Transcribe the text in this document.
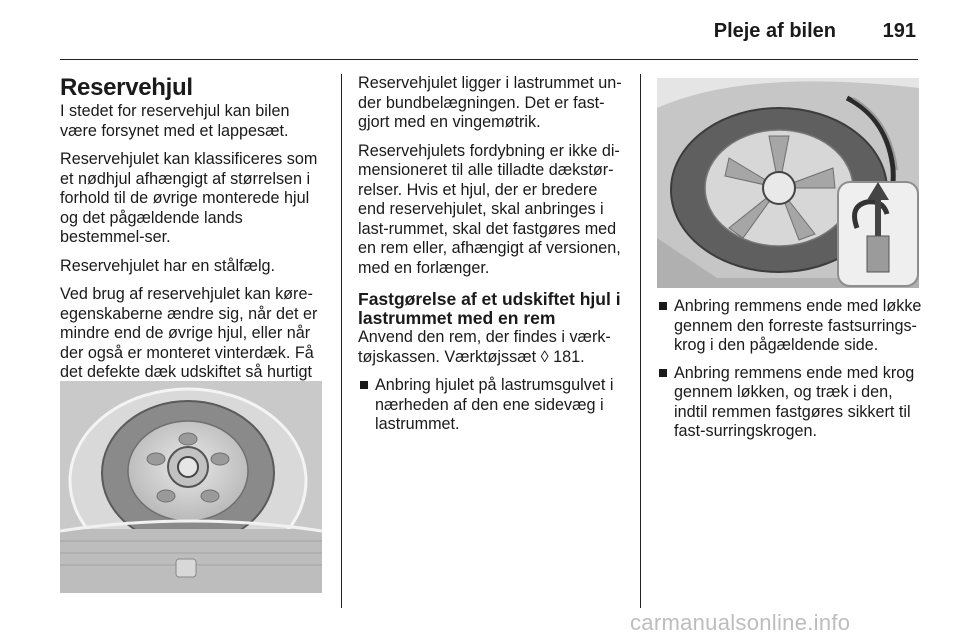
Pleje af bilen 191
Reservehjul

I stedet for reservehjul kan bilen være forsynet med et lappesæt.

Reservehjulet kan klassificeres som et nødhjul afhængigt af størrelsen i forhold til de øvrige monterede hjul og det pågældende lands bestemmel-ser.

Reservehjulet har en stålfælg.

Ved brug af reservehjulet kan køre-egenskaberne ændre sig, når det er mindre end de øvrige hjul, eller når der også er monteret vinterdæk. Få det defekte dæk udskiftet så hurtigt

Reservehjulet ligger i lastrummet un-der bundbelægningen. Det er fast-gjort med en vingemøtrik.

Reservehjulets fordybning er ikke di-mensioneret til alle tilladte dækstør-relser. Hvis et hjul, der er bredere end reservehjulet, skal anbringes i last-rummet, skal det fastgøres med en rem eller, afhængigt af versionen, med en forlænger.

Fastgørelse af et udskiftet hjul i lastrummet med en rem

Anvend den rem, der findes i værk-tøjskassen. Værktøjssæt ◊ 181.

Anbring hjulet på lastrumsgulvet i nærheden af den ene sidevæg i lastrummet.
Anbring remmens ende med løkke gennem den forreste fastsurrings-krog i den pågældende side.
Anbring remmens ende med krog gennem løkken, og træk i den, indtil remmen fastgøres sikkert til fast-surringskrogen.
carmanualsonline.info
